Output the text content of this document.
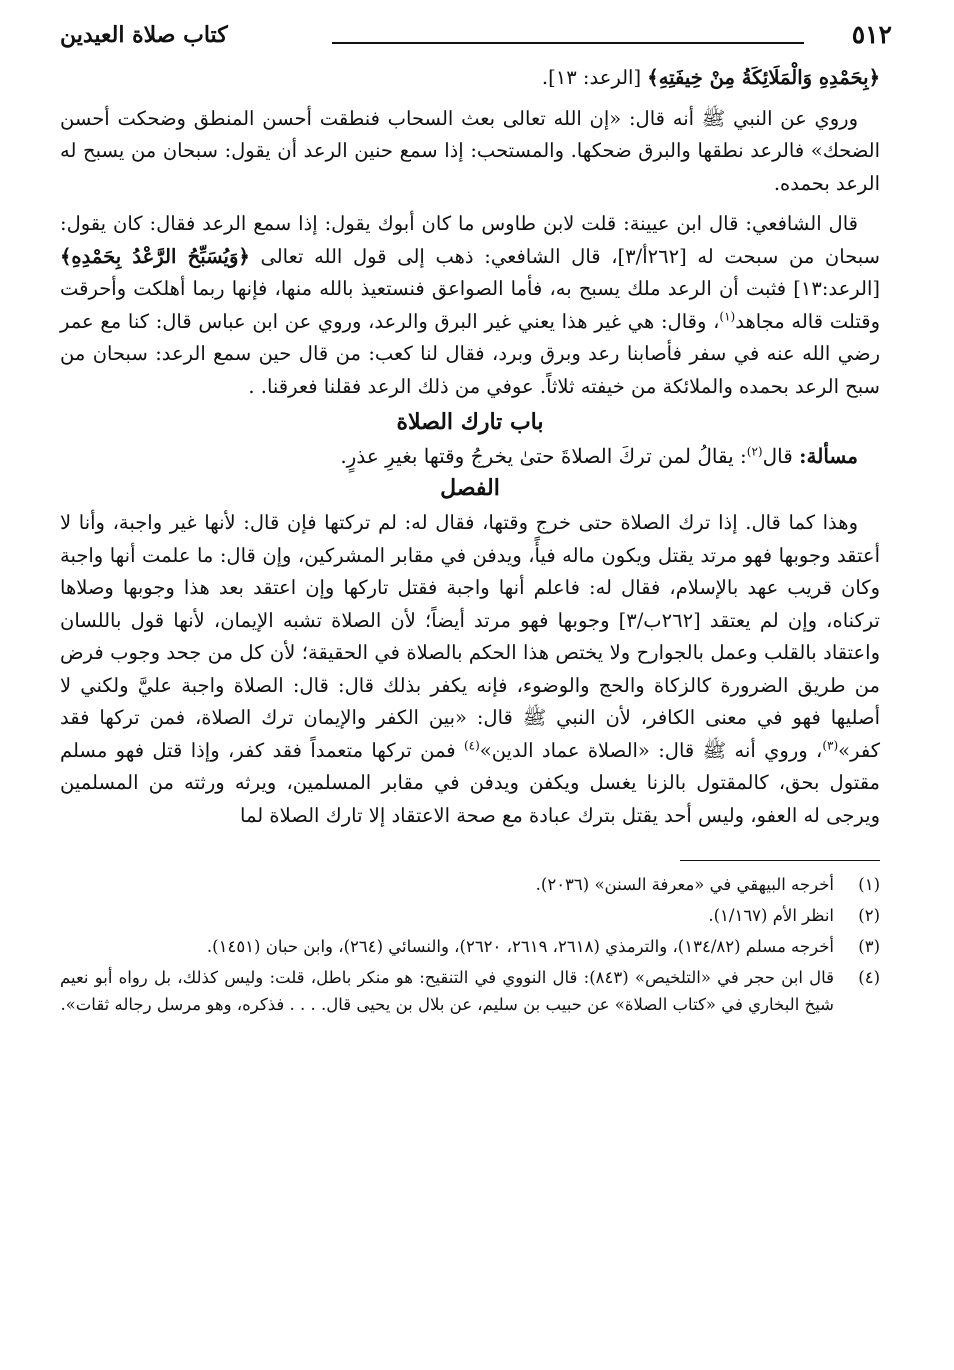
٥١٢
كتاب صلاة العيدين

﴿بِحَمْدِهِ وَالْمَلَائِكَةُ مِنْ خِيفَتِهِ﴾ [الرعد: ١٣].

وروي عن النبي ﷺ أنه قال: «إن الله تعالى بعث السحاب فنطقت أحسن المنطق وضحكت أحسن الضحك» فالرعد نطقها والبرق ضحكها. والمستحب: إذا سمع حنين الرعد أن يقول: سبحان من يسبح له الرعد بحمده.

قال الشافعي: قال ابن عيينة: قلت لابن طاوس ما كان أبوك يقول: إذا سمع الرعد فقال: كان يقول: سبحان من سبحت له [٢٦٢أ/٣]، قال الشافعي: ذهب إلى قول الله تعالى ﴿وَيُسَبِّحُ الرَّعْدُ بِحَمْدِهِ﴾ [الرعد:١٣] فثبت أن الرعد ملك يسبح به، فأما الصواعق فنستعيذ بالله منها، فإنها ربما أهلكت وأحرقت وقتلت قاله مجاهد$^{(١)}$، وقال: هي غير هذا يعني غير البرق والرعد، وروي عن ابن عباس قال: كنا مع عمر رضي الله عنه في سفر فأصابنا رعد وبرق وبرد، فقال لنا كعب: من قال حين سمع الرعد: سبحان من سبح الرعد بحمده والملائكة من خيفته ثلاثاً. عوفي من ذلك الرعد فقلنا فعرقنا. .

باب تارك الصلاة

مسألة: قال$^{(٢)}$: يقالُ لمن تركَ الصلاةَ حتىٰ يخرجُ وقتها بغيرِ عذرٍ.

الفصل

وهذا كما قال. إذا ترك الصلاة حتى خرج وقتها، فقال له: لم تركتها فإن قال: لأنها غير واجبة، وأنا لا أعتقد وجوبها فهو مرتد يقتل ويكون ماله فيأً، ويدفن في مقابر المشركين، وإن قال: ما علمت أنها واجبة وكان قريب عهد بالإسلام، فقال له: فاعلم أنها واجبة فقتل تاركها وإن اعتقد بعد هذا وجوبها وصلاها تركناه، وإن لم يعتقد [٢٦٢ب/٣] وجوبها فهو مرتد أيضاً؛ لأن الصلاة تشبه الإيمان، لأنها قول باللسان واعتقاد بالقلب وعمل بالجوارح ولا يختص هذا الحكم بالصلاة في الحقيقة؛ لأن كل من جحد وجوب فرض من طريق الضرورة كالزكاة والحج والوضوء، فإنه يكفر بذلك قال: قال: الصلاة واجبة عليَّ ولكني لا أصليها فهو في معنى الكافر، لأن النبي ﷺ قال: «بين الكفر والإيمان ترك الصلاة، فمن تركها فقد كفر»$^{(٣)}$، وروي أنه ﷺ قال: «الصلاة عماد الدين»$^{(٤)}$ فمن تركها متعمداً فقد كفر، وإذا قتل فهو مسلم مقتول بحق، كالمقتول بالزنا يغسل ويكفن ويدفن في مقابر المسلمين، ويرثه ورثته من المسلمين ويرجى له العفو، وليس أحد يقتل بترك عبادة مع صحة الاعتقاد إلا تارك الصلاة لما

(١)
أخرجه البيهقي في «معرفة السنن» (٢٠٣٦).
(٢)
انظر الأم (١/١٦٧).
(٣)
أخرجه مسلم (١٣٤/٨٢)، والترمذي (٢٦١٨، ٢٦١٩، ٢٦٢٠)، والنسائي (٢٦٤)، وابن حبان (١٤٥١).
(٤)
قال ابن حجر في «التلخيص» (٨٤٣): قال النووي في التنقيح: هو منكر باطل، قلت: وليس كذلك، بل رواه أبو نعيم شيخ البخاري في «كتاب الصلاة» عن حبيب بن سليم، عن بلال بن يحيى قال. . . . فذكره، وهو مرسل رجاله ثقات».
